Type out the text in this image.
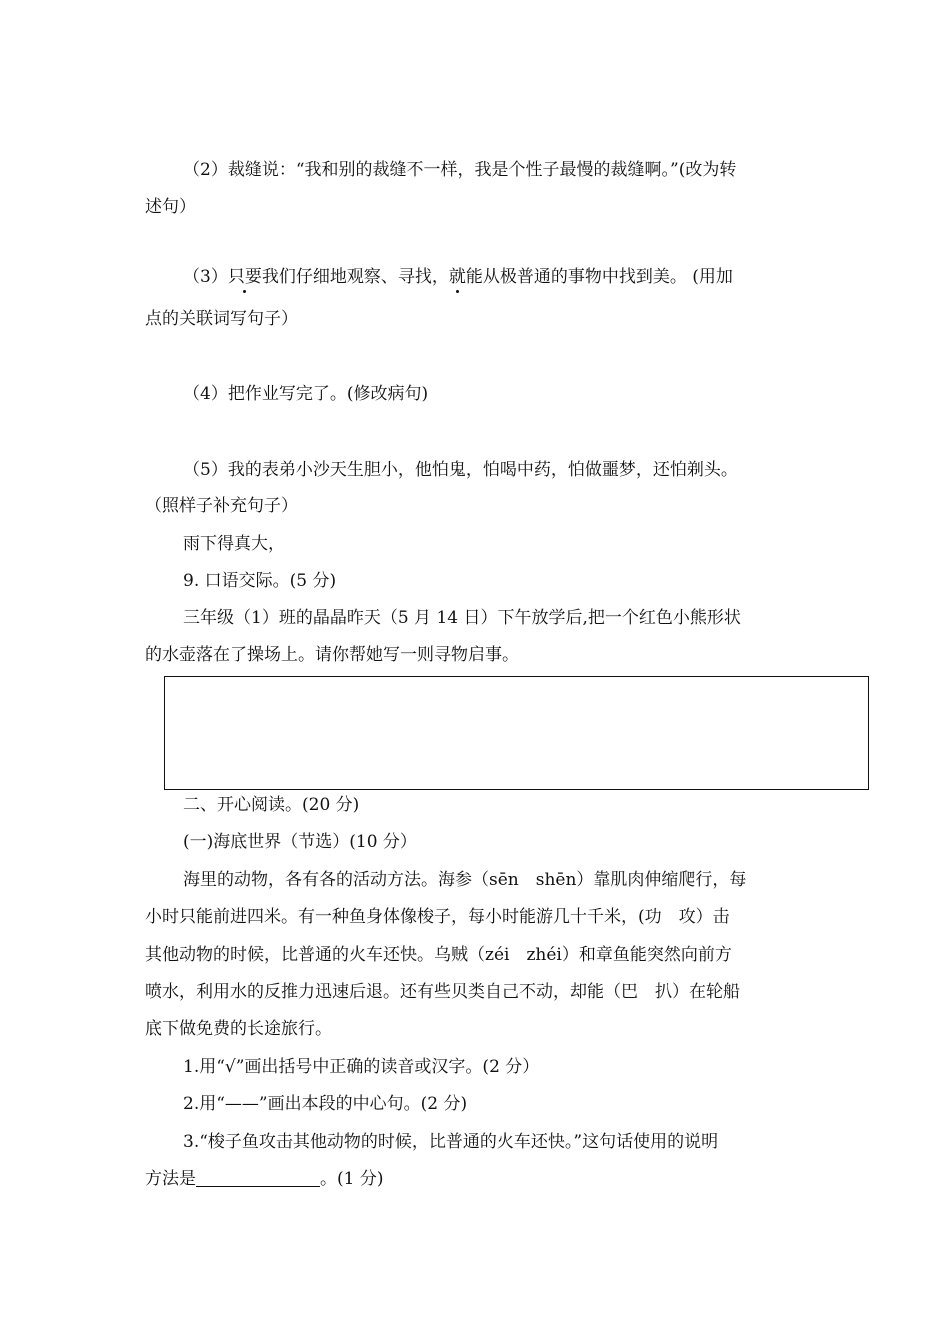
（2）裁缝说：“我和别的裁缝不一样，我是个性子最慢的裁缝啊。”(改为转
述句）
（3）只要我们仔细地观察、寻找，就能从极普通的事物中找到美。 (用加
点的关联词写句子）
（4）把作业写完了。(修改病句)
（5）我的表弟小沙天生胆小，他怕鬼，怕喝中药，怕做噩梦，还怕剃头。
（照样子补充句子）
雨下得真大，
9. 口语交际。(5 分)
三年级（1）班的晶晶昨天（5 月 14 日）下午放学后,把一个红色小熊形状
的水壶落在了操场上。请你帮她写一则寻物启事。
二、开心阅读。(20 分)
(一)海底世界（节选）(10 分）
海里的动物，各有各的活动方法。海参（sēn　shēn）靠肌肉伸缩爬行，每
小时只能前进四米。有一种鱼身体像梭子，每小时能游几十千米，(功　攻）击
其他动物的时候，比普通的火车还快。乌贼（zéi　zhéi）和章鱼能突然向前方
喷水，利用水的反推力迅速后退。还有些贝类自己不动，却能（巴　扒）在轮船
底下做免费的长途旅行。
1.用“√”画出括号中正确的读音或汉字。(2 分）
2.用“——”画出本段的中心句。(2 分)
3.“梭子鱼攻击其他动物的时候，比普通的火车还快。”这句话使用的说明
方法是	。(1 分)
